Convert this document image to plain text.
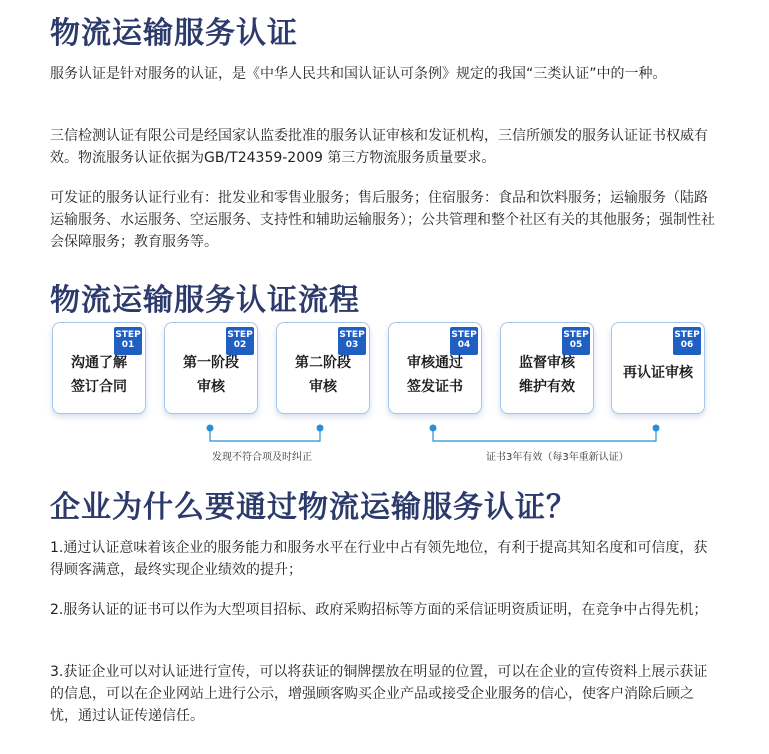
物流运输服务认证

服务认证是针对服务的认证，是《中华人民共和国认证认可条例》规定的我国“三类认证”中的一种。

三信检测认证有限公司是经国家认监委批准的服务认证审核和发证机构，三信所颁发的服务认证证书权威有效。物流服务认证依据为GB/T24359-2009 第三方物流服务质量要求。

可发证的服务认证行业有：批发业和零售业服务；售后服务；住宿服务：食品和饮料服务；运输服务（陆路运输服务、水运服务、空运服务、支持性和辅助运输服务）；公共管理和整个社区有关的其他服务；强制性社会保障服务；教育服务等。

物流运输服务认证流程
STEP
01
沟通了解
签订合同
STEP
02
第一阶段
审核
STEP
03
第二阶段
审核
STEP
04
审核通过
签发证书
STEP
05
监督审核
维护有效
STEP
06
再认证审核
发现不符合项及时纠正	证书3年有效（每3年重新认证）
企业为什么要通过物流运输服务认证？

1.通过认证意味着该企业的服务能力和服务水平在行业中占有领先地位，有利于提高其知名度和可信度，获得顾客满意，最终实现企业绩效的提升；

2.服务认证的证书可以作为大型项目招标、政府采购招标等方面的采信证明资质证明，在竞争中占得先机；

3.获证企业可以对认证进行宣传，可以将获证的铜牌摆放在明显的位置，可以在企业的宣传资料上展示获证的信息，可以在企业网站上进行公示，增强顾客购买企业产品或接受企业服务的信心，使客户消除后顾之忧，通过认证传递信任。
